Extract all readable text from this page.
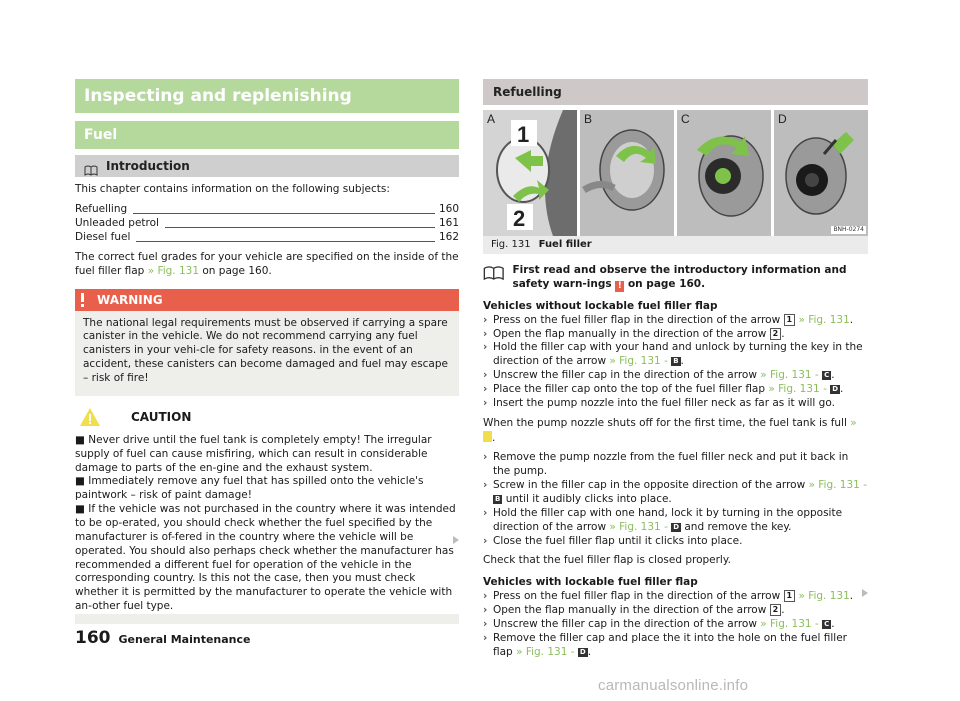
Inspecting and replenishing
Fuel
Introduction
This chapter contains information on the following subjects:
Refuelling	160
Unleaded petrol	161
Diesel fuel	162
The correct fuel grades for your vehicle are specified on the inside of the fuel filler flap » Fig. 131 on page 160.
WARNING
The national legal requirements must be observed if carrying a spare canister in the vehicle. We do not recommend carrying any fuel canisters in your vehi-cle for safety reasons. in the event of an accident, these canisters can become damaged and fuel may escape – risk of fire!
CAUTION
■ Never drive until the fuel tank is completely empty! The irregular supply of fuel can cause misfiring, which can result in considerable damage to parts of the en-gine and the exhaust system.
■ Immediately remove any fuel that has spilled onto the vehicle's paintwork – risk of paint damage!
■ If the vehicle was not purchased in the country where it was intended to be op-erated, you should check whether the fuel specified by the manufacturer is of-fered in the country where the vehicle will be operated. You should also perhaps check whether the manufacturer has recommended a different fuel for operation of the vehicle in the corresponding country. Is this not the case, then you must check whether it is permitted by the manufacturer to operate the vehicle with an-other fuel type.
Refuelling
1
2
A	B	C	D
BNH-0274
Fig. 131 Fuel filler
First read and observe the introductory information and safety warn-ings ! on page 160.
Vehicles without lockable fuel filler flap
› Press on the fuel filler flap in the direction of the arrow 1 » Fig. 131.
› Open the flap manually in the direction of the arrow 2 .
› Hold the filler cap with your hand and unlock by turning the key in the direction of the arrow » Fig. 131 - B .
› Unscrew the filler cap in the direction of the arrow » Fig. 131 - C .
› Place the filler cap onto the top of the fuel filler flap » Fig. 131 - D .
› Insert the pump nozzle into the fuel filler neck as far as it will go.
When the pump nozzle shuts off for the first time, the fuel tank is full » .
› Remove the pump nozzle from the fuel filler neck and put it back in the pump.
› Screw in the filler cap in the opposite direction of the arrow » Fig. 131 - B until it audibly clicks into place.
› Hold the filler cap with one hand, lock it by turning in the opposite direction of the arrow » Fig. 131 - D and remove the key.
› Close the fuel filler flap until it clicks into place.
Check that the fuel filler flap is closed properly.
Vehicles with lockable fuel filler flap
› Press on the fuel filler flap in the direction of the arrow 1 » Fig. 131.
› Open the flap manually in the direction of the arrow 2 .
› Unscrew the filler cap in the direction of the arrow » Fig. 131 - C .
› Remove the filler cap and place the it into the hole on the fuel filler flap » Fig. 131 - D .
160 General Maintenance
carmanualsonline.info
